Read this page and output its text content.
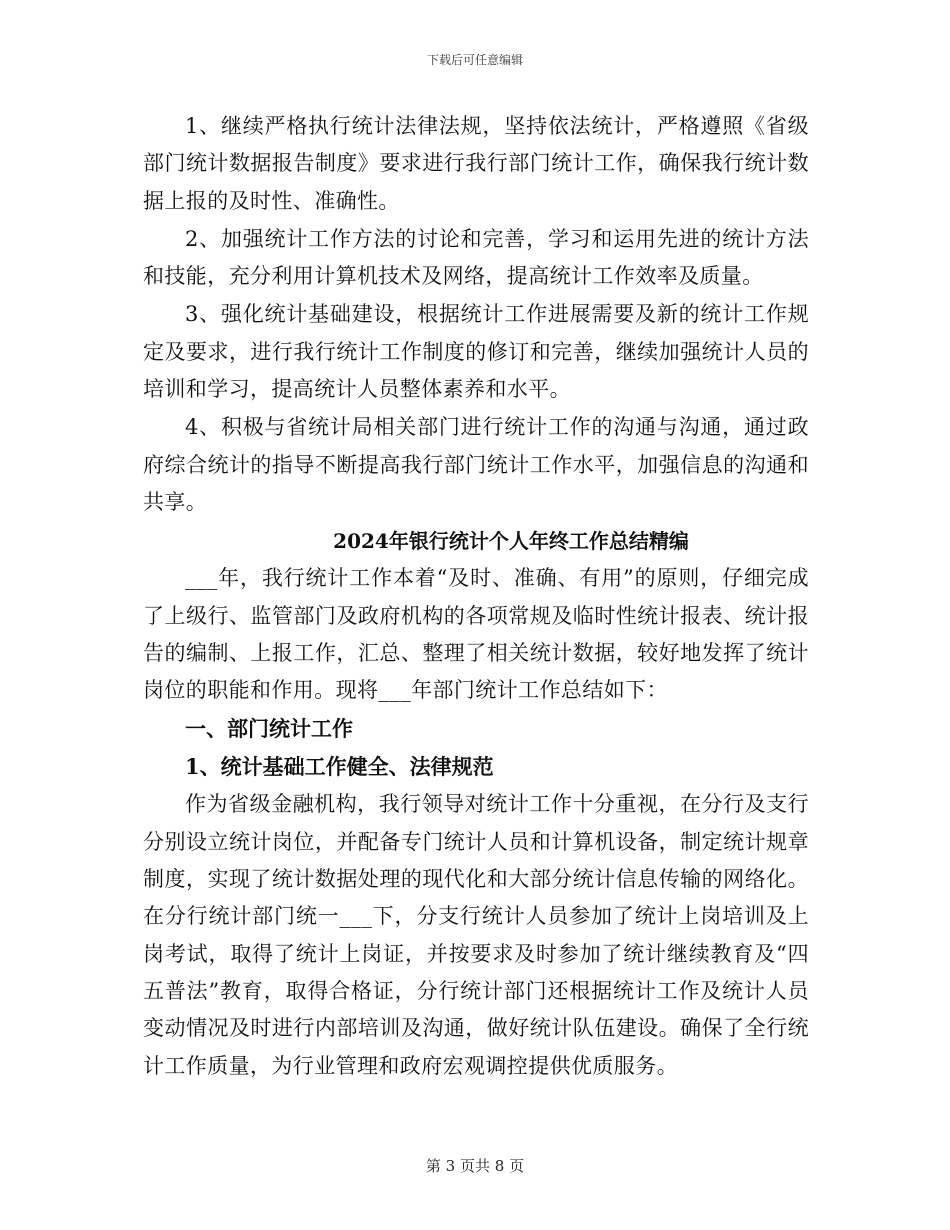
下载后可任意编辑

1、继续严格执行统计法律法规，坚持依法统计，严格遵照《省级部门统计数据报告制度》要求进行我行部门统计工作，确保我行统计数据上报的及时性、准确性。

2、加强统计工作方法的讨论和完善，学习和运用先进的统计方法和技能，充分利用计算机技术及网络，提高统计工作效率及质量。

3、强化统计基础建设，根据统计工作进展需要及新的统计工作规定及要求，进行我行统计工作制度的修订和完善，继续加强统计人员的培训和学习，提高统计人员整体素养和水平。

4、积极与省统计局相关部门进行统计工作的沟通与沟通，通过政府综合统计的指导不断提高我行部门统计工作水平，加强信息的沟通和共享。

2024年银行统计个人年终工作总结精编

___年，我行统计工作本着“及时、准确、有用”的原则，仔细完成了上级行、监管部门及政府机构的各项常规及临时性统计报表、统计报告的编制、上报工作，汇总、整理了相关统计数据，较好地发挥了统计岗位的职能和作用。现将___年部门统计工作总结如下：

一、部门统计工作

1、统计基础工作健全、法律规范

作为省级金融机构，我行领导对统计工作十分重视，在分行及支行分别设立统计岗位，并配备专门统计人员和计算机设备，制定统计规章制度，实现了统计数据处理的现代化和大部分统计信息传输的网络化。在分行统计部门统一___下，分支行统计人员参加了统计上岗培训及上岗考试，取得了统计上岗证，并按要求及时参加了统计继续教育及“四五普法”教育，取得合格证，分行统计部门还根据统计工作及统计人员变动情况及时进行内部培训及沟通，做好统计队伍建设。确保了全行统计工作质量，为行业管理和政府宏观调控提供优质服务。

第 3 页共 8 页
